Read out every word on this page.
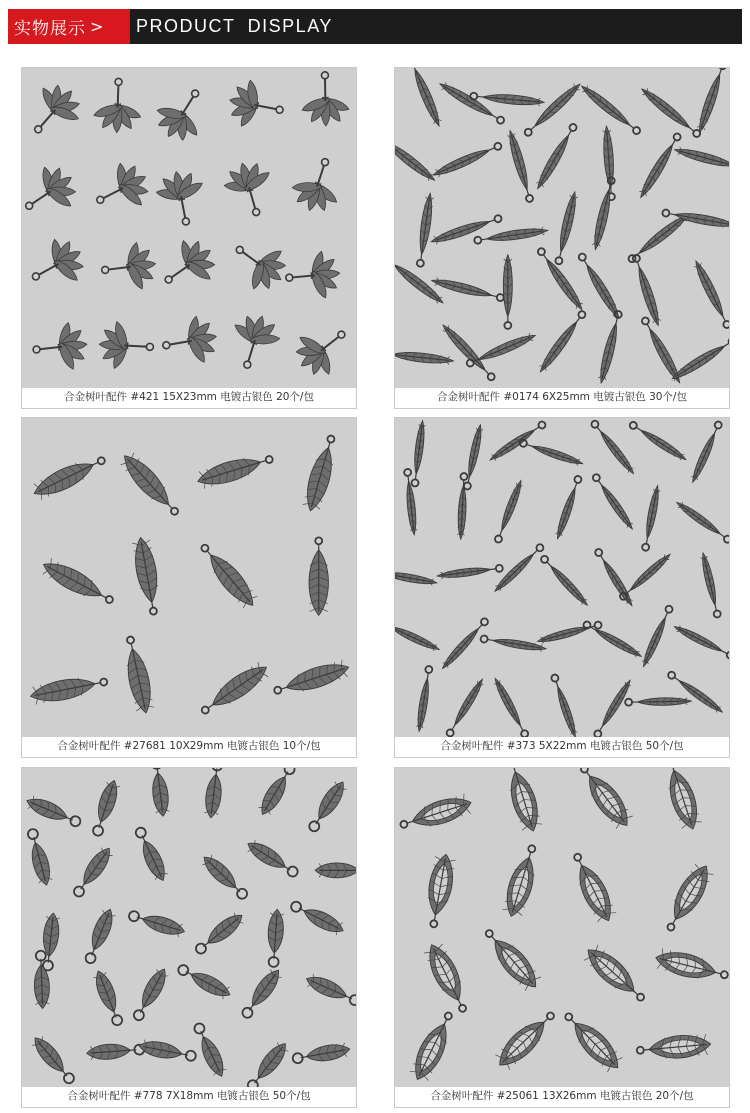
实物展示 > PRODUCT DISPLAY
合金树叶配件 #421 15X23mm 电镀古银色 20个/包	合金树叶配件 #0174 6X25mm 电镀古银色 30个/包
合金树叶配件 #27681 10X29mm 电镀古银色 10个/包	合金树叶配件 #373 5X22mm 电镀古银色 50个/包
合金树叶配件 #778 7X18mm 电镀古银色 50个/包	合金树叶配件 #25061 13X26mm 电镀古银色 20个/包
